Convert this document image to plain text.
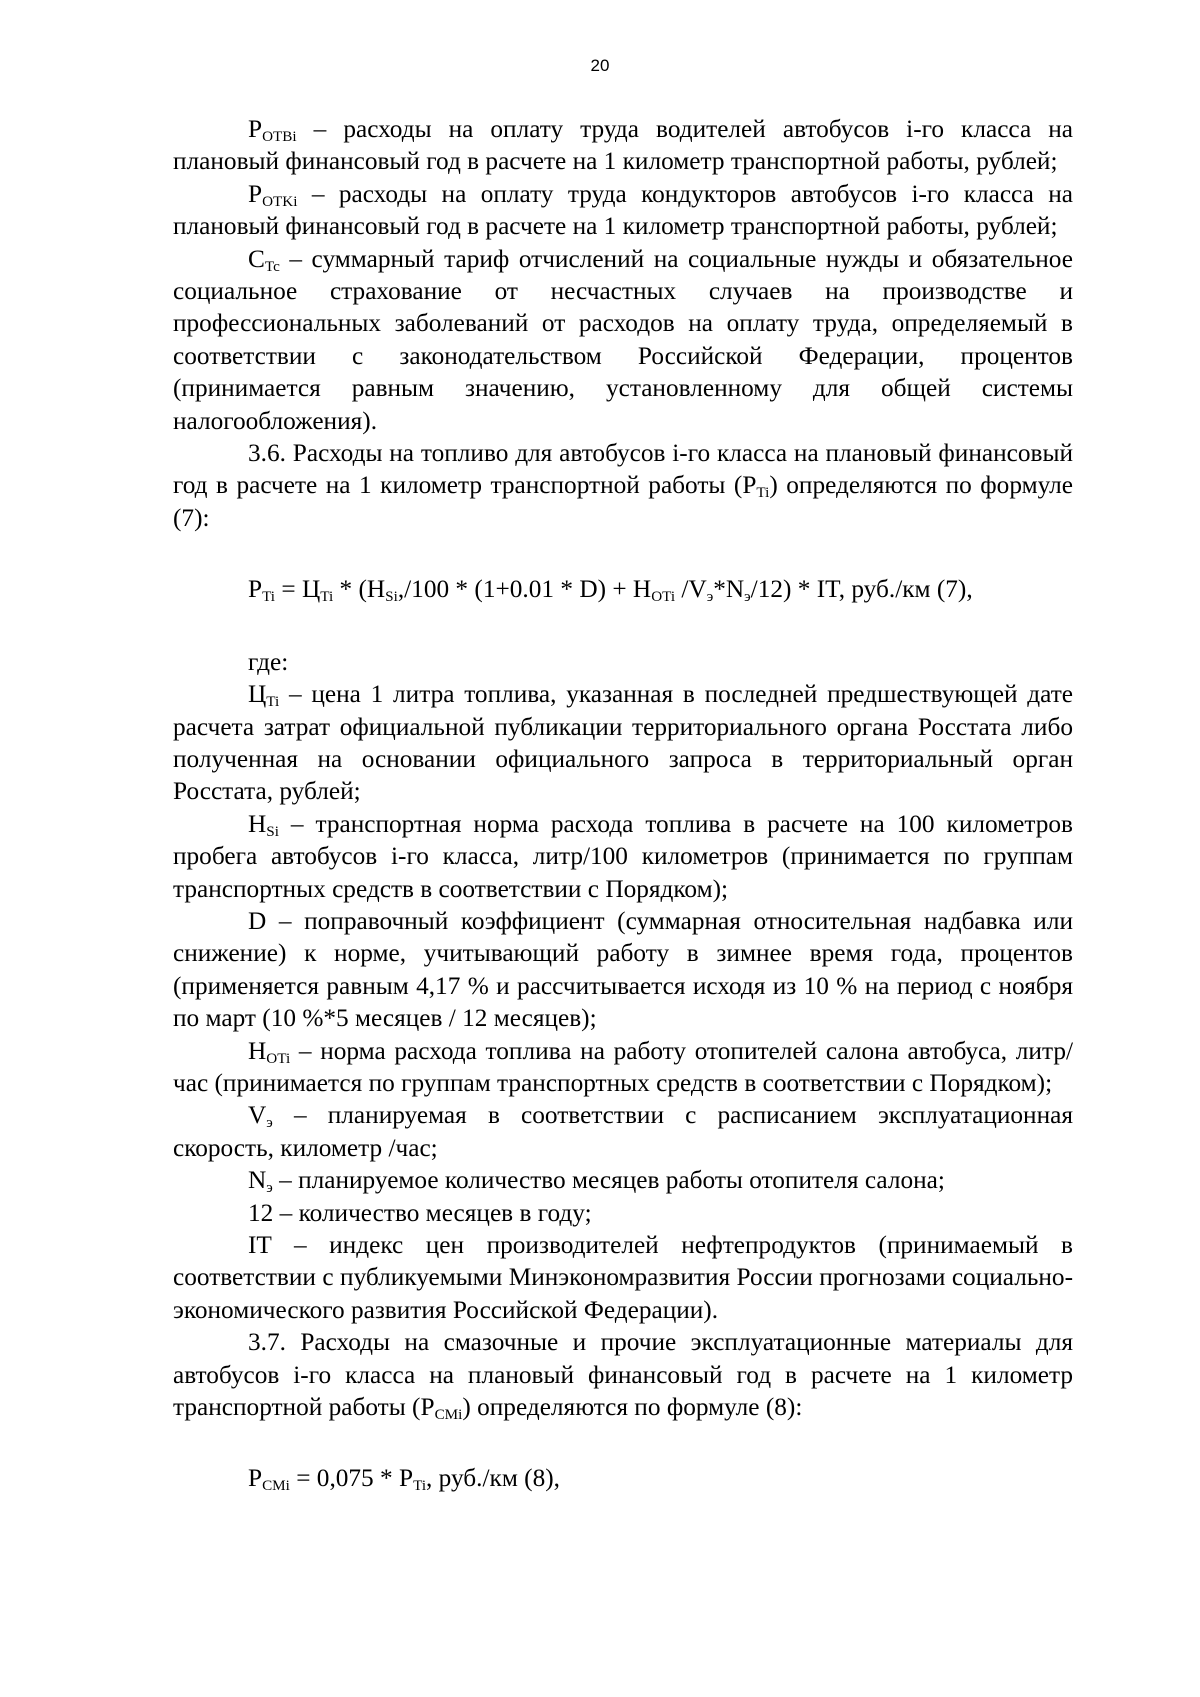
20

$P_{OTBi}$ – расходы на оплату труда водителей автобусов i-го класса на плановый финансовый год в расчете на 1 километр транспортной работы, рублей;

$P_{OTKi}$ – расходы на оплату труда кондукторов автобусов i-го класса на плановый финансовый год в расчете на 1 километр транспортной работы, рублей;

$C_{Tc}$ – суммарный тариф отчислений на социальные нужды и обязательное социальное страхование от несчастных случаев на производстве и профессиональных заболеваний от расходов на оплату труда, определяемый в соответствии с законодательством Российской Федерации, процентов (принимается равным значению, установленному для общей системы налогообложения).

3.6. Расходы на топливо для автобусов i-го класса на плановый финансовый год в расчете на 1 километр транспортной работы $(P_{Ti})$ определяются по формуле (7):

$P_{Ti} = Ц_{Ti} * (H_{Si},/100 * (1+0.01 * D) + H_{OTi}$ $/V_э*N_э/12$) * IT, руб./км (7),

где:

$Ц_{Ti}$ – цена 1 литра топлива, указанная в последней предшествующей дате расчета затрат официальной публикации территориального органа Росстата либо полученная на основании официального запроса в территориальный орган Росстата, рублей;

$H_{Si}$ – транспортная норма расхода топлива в расчете на 100 километров пробега автобусов i-го класса, литр/100 километров (принимается по группам транспортных средств в соответствии с Порядком);

D – поправочный коэффициент (суммарная относительная надбавка или снижение) к норме, учитывающий работу в зимнее время года, процентов (применяется равным 4,17 % и рассчитывается исходя из 10 % на период с ноября по март (10 %*5 месяцев / 12 месяцев);

$H_{OTi}$ – норма расхода топлива на работу отопителей салона автобуса, литр/час (принимается по группам транспортных средств в соответствии с Порядком);

$V_э$ – планируемая в соответствии с расписанием эксплуатационная скорость, километр /час;

$N_э$ – планируемое количество месяцев работы отопителя салона;

12 – количество месяцев в году;

IT – индекс цен производителей нефтепродуктов (принимаемый в соответствии с публикуемыми Минэкономразвития России прогнозами социально-экономического развития Российской Федерации).

3.7. Расходы на смазочные и прочие эксплуатационные материалы для автобусов i-го класса на плановый финансовый год в расчете на 1 километр транспортной работы $(P_{CMi})$ определяются по формуле (8):

$P_{CMi} = 0,075 * P_{Ti}$, руб./км (8),
